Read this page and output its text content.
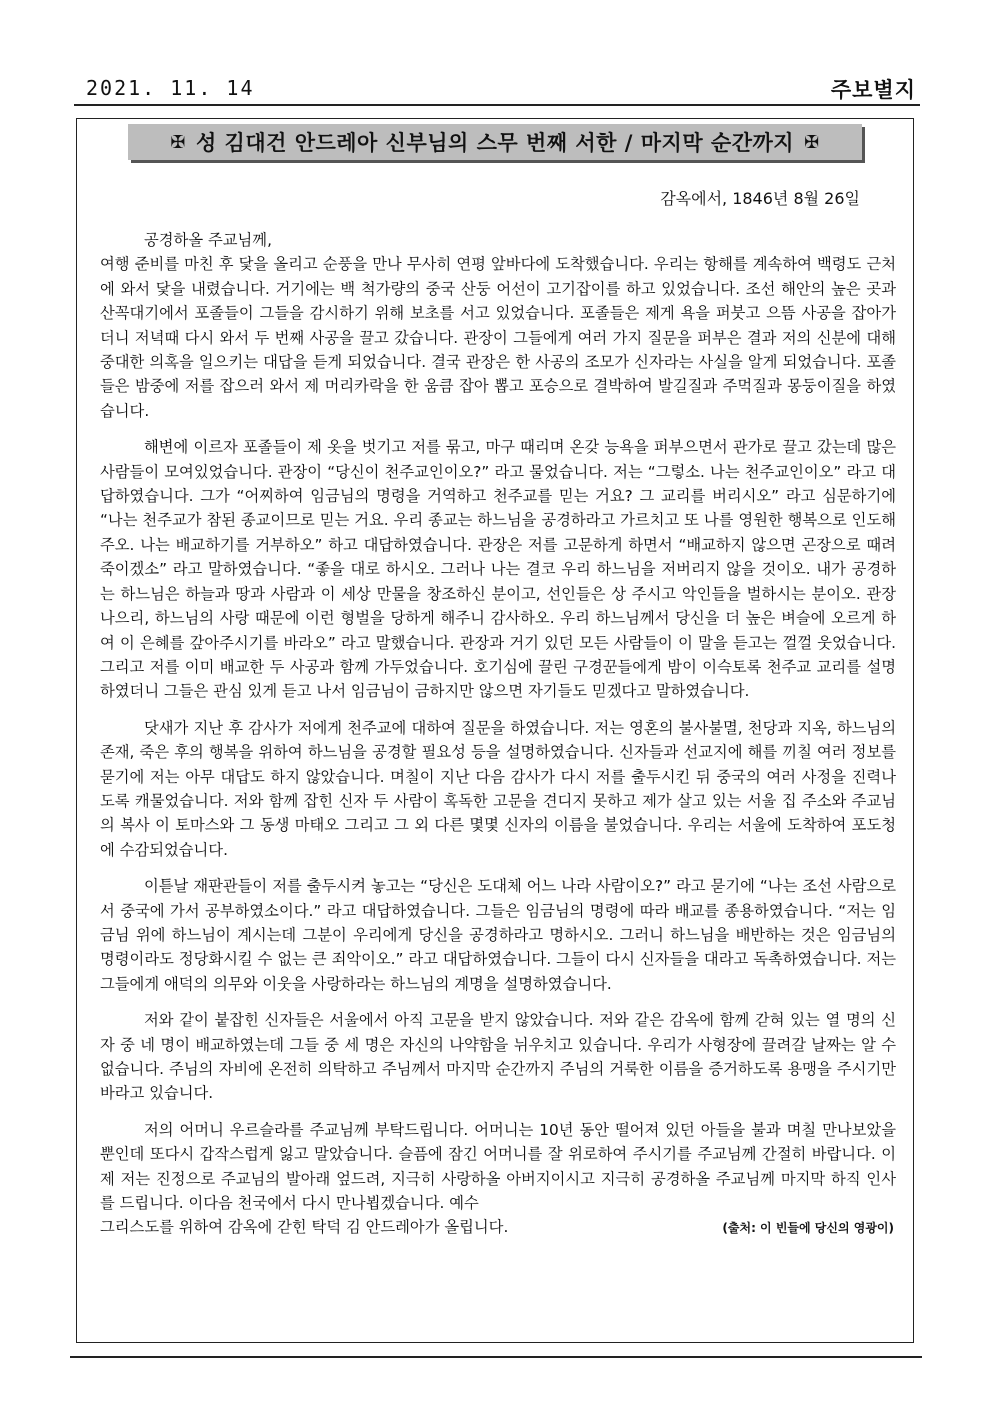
2021. 11. 14	주보별지
✠ 성 김대건 안드레아 신부님의 스무 번째 서한 / 마지막 순간까지 ✠
감옥에서, 1846년 8월 26일

공경하올 주교님께,

여행 준비를 마친 후 닻을 올리고 순풍을 만나 무사히 연평 앞바다에 도착했습니다. 우리는 항해를 계속하여 백령도 근처에 와서 닻을 내렸습니다. 거기에는 백 척가량의 중국 산둥 어선이 고기잡이를 하고 있었습니다. 조선 해안의 높은 곳과 산꼭대기에서 포졸들이 그들을 감시하기 위해 보초를 서고 있었습니다. 포졸들은 제게 욕을 퍼붓고 으뜸 사공을 잡아가더니 저녁때 다시 와서 두 번째 사공을 끌고 갔습니다. 관장이 그들에게 여러 가지 질문을 퍼부은 결과 저의 신분에 대해 중대한 의혹을 일으키는 대답을 듣게 되었습니다. 결국 관장은 한 사공의 조모가 신자라는 사실을 알게 되었습니다. 포졸들은 밤중에 저를 잡으러 와서 제 머리카락을 한 움큼 잡아 뽑고 포승으로 결박하여 발길질과 주먹질과 몽둥이질을 하였습니다.

해변에 이르자 포졸들이 제 옷을 벗기고 저를 묶고, 마구 때리며 온갖 능욕을 퍼부으면서 관가로 끌고 갔는데 많은 사람들이 모여있었습니다. 관장이 “당신이 천주교인이오?” 라고 물었습니다. 저는 “그렇소. 나는 천주교인이오” 라고 대답하였습니다. 그가 “어찌하여 임금님의 명령을 거역하고 천주교를 믿는 거요? 그 교리를 버리시오” 라고 심문하기에 “나는 천주교가 참된 종교이므로 믿는 거요. 우리 종교는 하느님을 공경하라고 가르치고 또 나를 영원한 행복으로 인도해 주오. 나는 배교하기를 거부하오” 하고 대답하였습니다. 관장은 저를 고문하게 하면서 “배교하지 않으면 곤장으로 때려 죽이겠소” 라고 말하였습니다. “좋을 대로 하시오. 그러나 나는 결코 우리 하느님을 저버리지 않을 것이오. 내가 공경하는 하느님은 하늘과 땅과 사람과 이 세상 만물을 창조하신 분이고, 선인들은 상 주시고 악인들을 벌하시는 분이오. 관장 나으리, 하느님의 사랑 때문에 이런 형벌을 당하게 해주니 감사하오. 우리 하느님께서 당신을 더 높은 벼슬에 오르게 하여 이 은혜를 갚아주시기를 바라오” 라고 말했습니다. 관장과 거기 있던 모든 사람들이 이 말을 듣고는 껄껄 웃었습니다. 그리고 저를 이미 배교한 두 사공과 함께 가두었습니다. 호기심에 끌린 구경꾼들에게 밤이 이슥토록 천주교 교리를 설명하였더니 그들은 관심 있게 듣고 나서 임금님이 금하지만 않으면 자기들도 믿겠다고 말하였습니다.

닷새가 지난 후 감사가 저에게 천주교에 대하여 질문을 하였습니다. 저는 영혼의 불사불멸, 천당과 지옥, 하느님의 존재, 죽은 후의 행복을 위하여 하느님을 공경할 필요성 등을 설명하였습니다. 신자들과 선교지에 해를 끼칠 여러 정보를 묻기에 저는 아무 대답도 하지 않았습니다. 며칠이 지난 다음 감사가 다시 저를 출두시킨 뒤 중국의 여러 사정을 진력나도록 캐물었습니다. 저와 함께 잡힌 신자 두 사람이 혹독한 고문을 견디지 못하고 제가 살고 있는 서울 집 주소와 주교님의 복사 이 토마스와 그 동생 마태오 그리고 그 외 다른 몇몇 신자의 이름을 불었습니다. 우리는 서울에 도착하여 포도청에 수감되었습니다.

이튿날 재판관들이 저를 출두시켜 놓고는 “당신은 도대체 어느 나라 사람이오?” 라고 묻기에 “나는 조선 사람으로서 중국에 가서 공부하였소이다.” 라고 대답하였습니다. 그들은 임금님의 명령에 따라 배교를 종용하였습니다. “저는 임금님 위에 하느님이 계시는데 그분이 우리에게 당신을 공경하라고 명하시오. 그러니 하느님을 배반하는 것은 임금님의 명령이라도 정당화시킬 수 없는 큰 죄악이오.” 라고 대답하였습니다. 그들이 다시 신자들을 대라고 독촉하였습니다. 저는 그들에게 애덕의 의무와 이웃을 사랑하라는 하느님의 계명을 설명하였습니다.

저와 같이 붙잡힌 신자들은 서울에서 아직 고문을 받지 않았습니다. 저와 같은 감옥에 함께 갇혀 있는 열 명의 신자 중 네 명이 배교하였는데 그들 중 세 명은 자신의 나약함을 뉘우치고 있습니다. 우리가 사형장에 끌려갈 날짜는 알 수 없습니다. 주님의 자비에 온전히 의탁하고 주님께서 마지막 순간까지 주님의 거룩한 이름을 증거하도록 용맹을 주시기만 바라고 있습니다.

저의 어머니 우르슬라를 주교님께 부탁드립니다. 어머니는 10년 동안 떨어져 있던 아들을 불과 며칠 만나보았을 뿐인데 또다시 갑작스럽게 잃고 말았습니다. 슬픔에 잠긴 어머니를 잘 위로하여 주시기를 주교님께 간절히 바랍니다. 이제 저는 진정으로 주교님의 발아래 엎드려, 지극히 사랑하올 아버지이시고 지극히 공경하올 주교님께 마지막 하직 인사를 드립니다. 이다음 천국에서 다시 만나뵙겠습니다. 예수

그리스도를 위하여 감옥에 갇힌 탁덕 김 안드레아가 올립니다.	(출처: 이 빈들에 당신의 영광이)
